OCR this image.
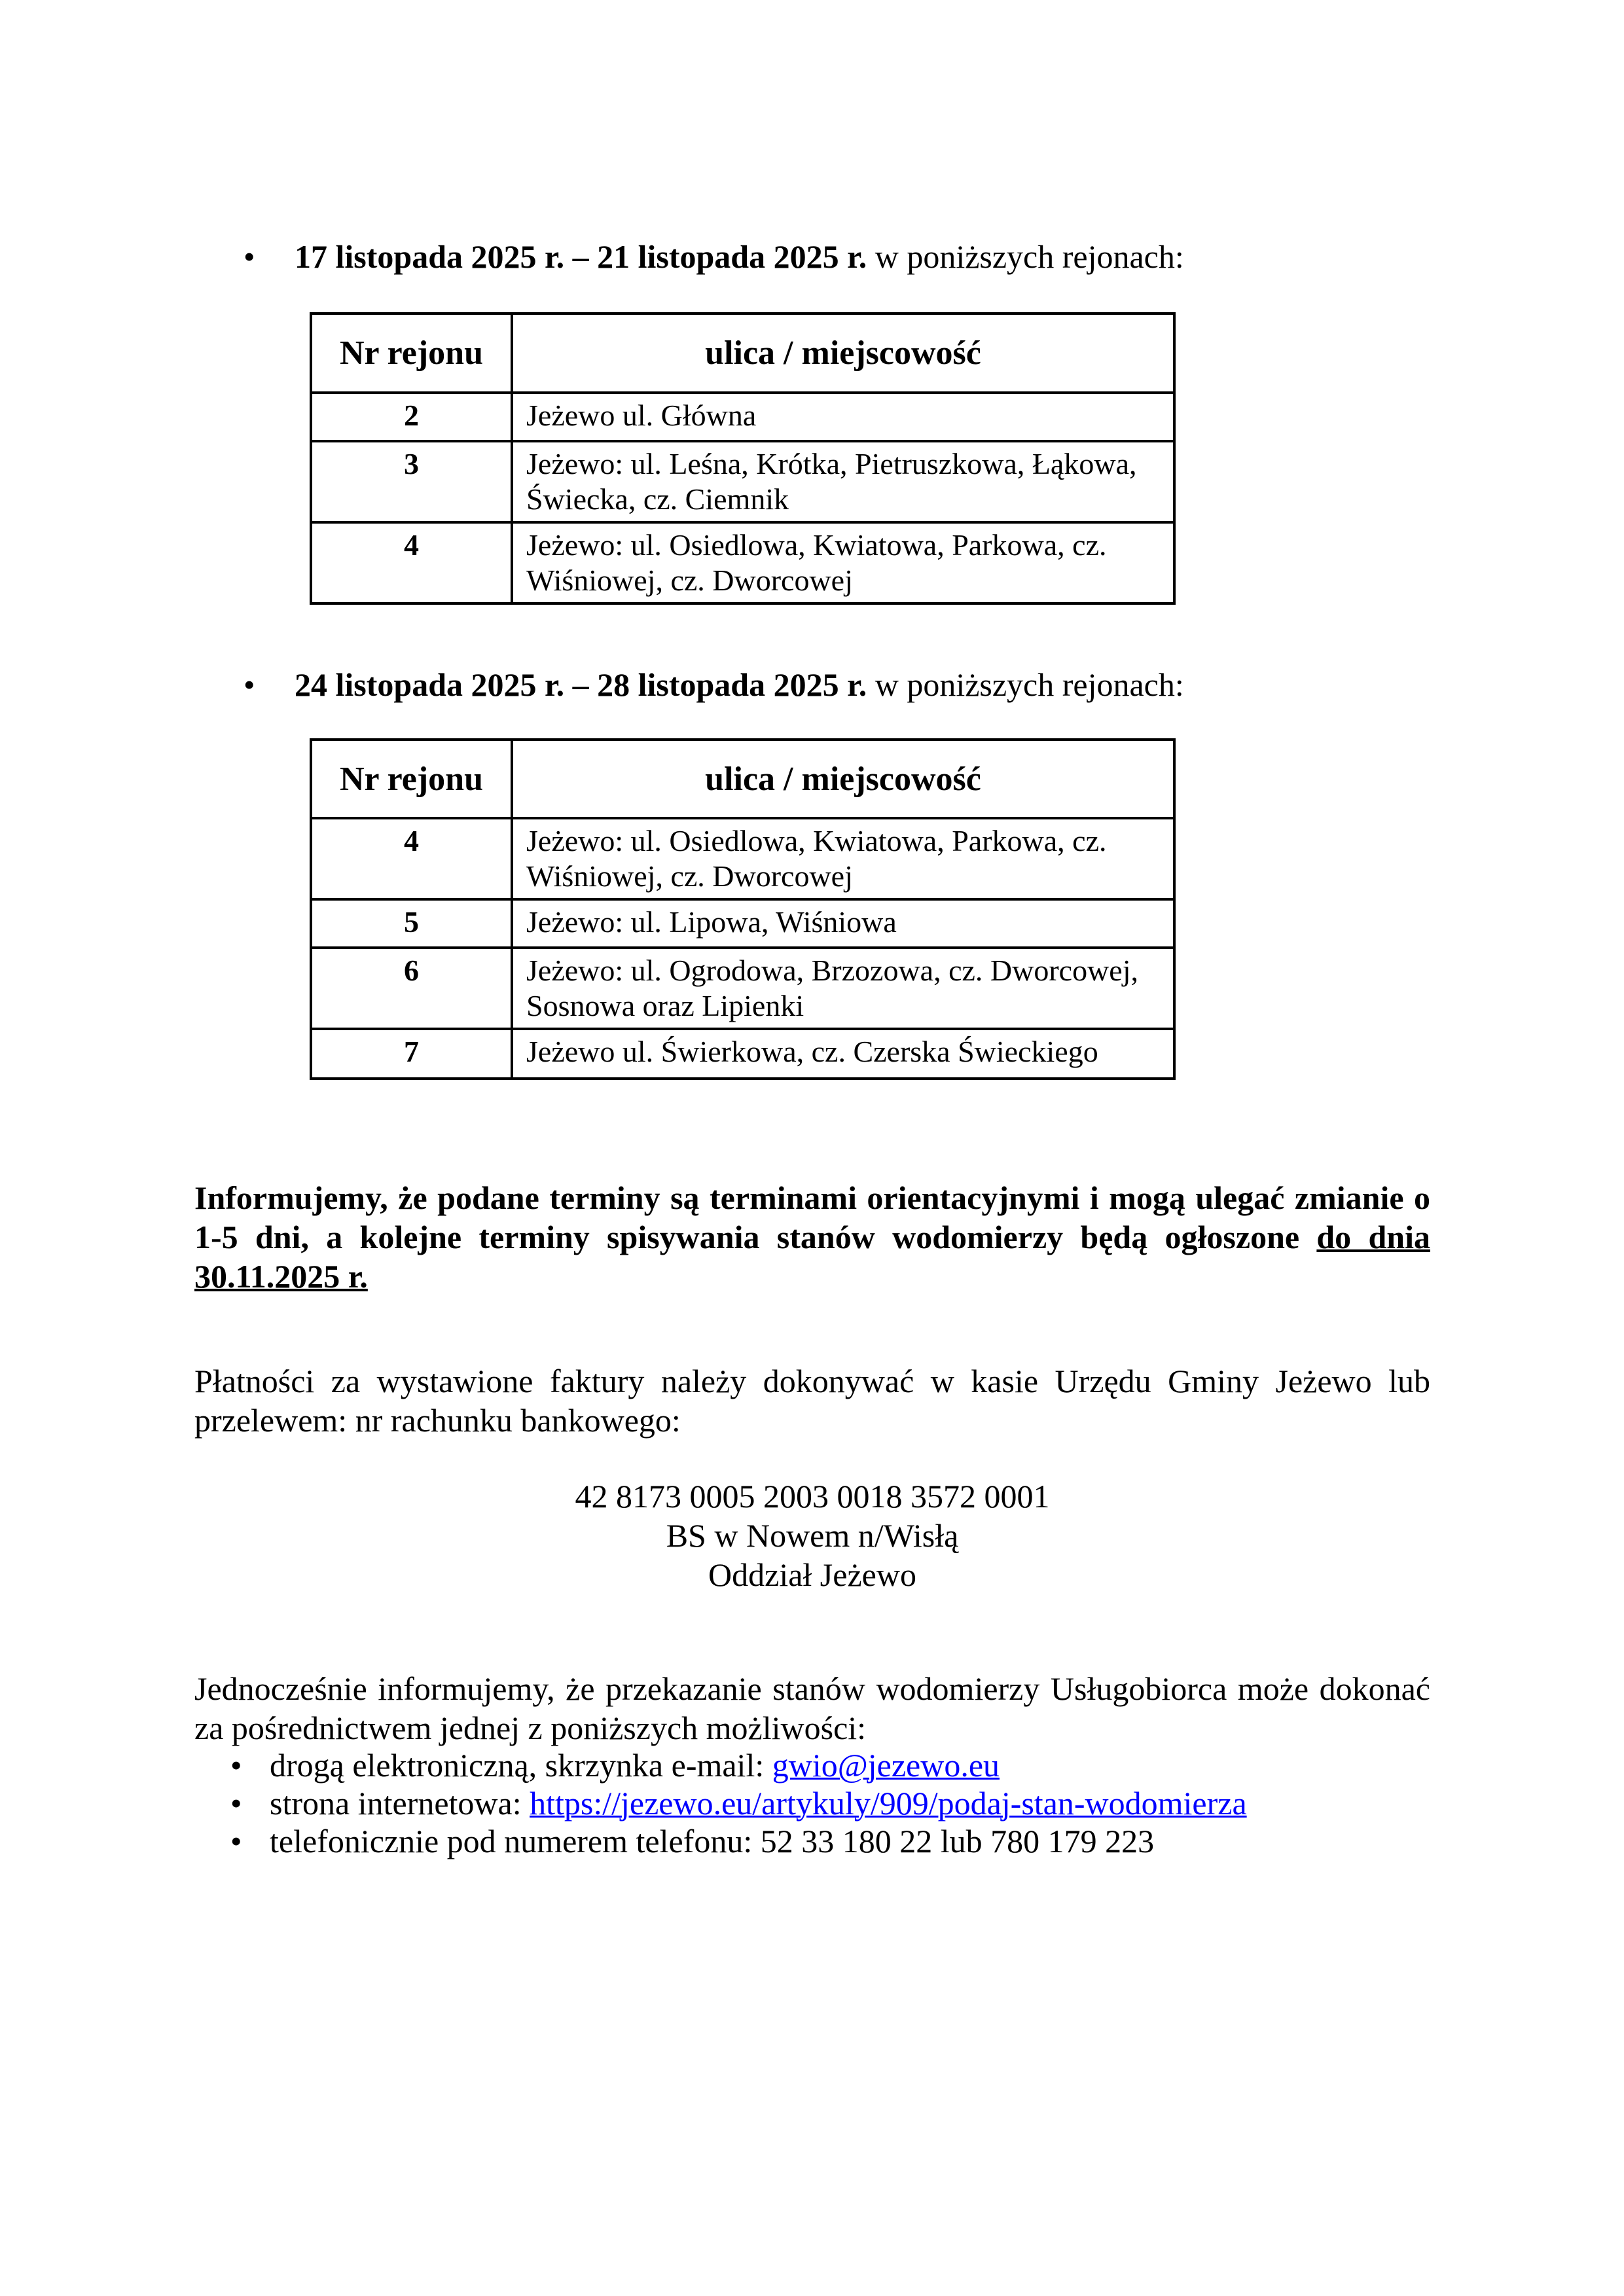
• 17 listopada 2025 r. – 21 listopada 2025 r. w poniższych rejonach:
Nr rejonu	ulica / miejscowość
2	Jeżewo ul. Główna
3	Jeżewo: ul. Leśna, Krótka, Pietruszkowa, Łąkowa, Świecka, cz. Ciemnik
4	Jeżewo: ul. Osiedlowa, Kwiatowa, Parkowa, cz. Wiśniowej, cz. Dworcowej
• 24 listopada 2025 r. – 28 listopada 2025 r. w poniższych rejonach:
Nr rejonu	ulica / miejscowość
4	Jeżewo: ul. Osiedlowa, Kwiatowa, Parkowa, cz. Wiśniowej, cz. Dworcowej
5	Jeżewo: ul. Lipowa, Wiśniowa
6	Jeżewo: ul. Ogrodowa, Brzozowa, cz. Dworcowej, Sosnowa oraz Lipienki
7	Jeżewo ul. Świerkowa, cz. Czerska Świeckiego
Informujemy, że podane terminy są terminami orientacyjnymi i mogą ulegać zmianie o 1-5 dni, a kolejne terminy spisywania stanów wodomierzy będą ogłoszone do dnia 30.11.2025 r.
Płatności za wystawione faktury należy dokonywać w kasie Urzędu Gminy Jeżewo lub przelewem: nr rachunku bankowego:
42 8173 0005 2003 0018 3572 0001
BS w Nowem n/Wisłą
Oddział Jeżewo
Jednocześnie informujemy, że przekazanie stanów wodomierzy Usługobiorca może dokonać za pośrednictwem jednej z poniższych możliwości:
• drogą elektroniczną, skrzynka e-mail: gwio@jezewo.eu
• strona internetowa: https://jezewo.eu/artykuly/909/podaj-stan-wodomierza
• telefonicznie pod numerem telefonu: 52 33 180 22 lub 780 179 223
